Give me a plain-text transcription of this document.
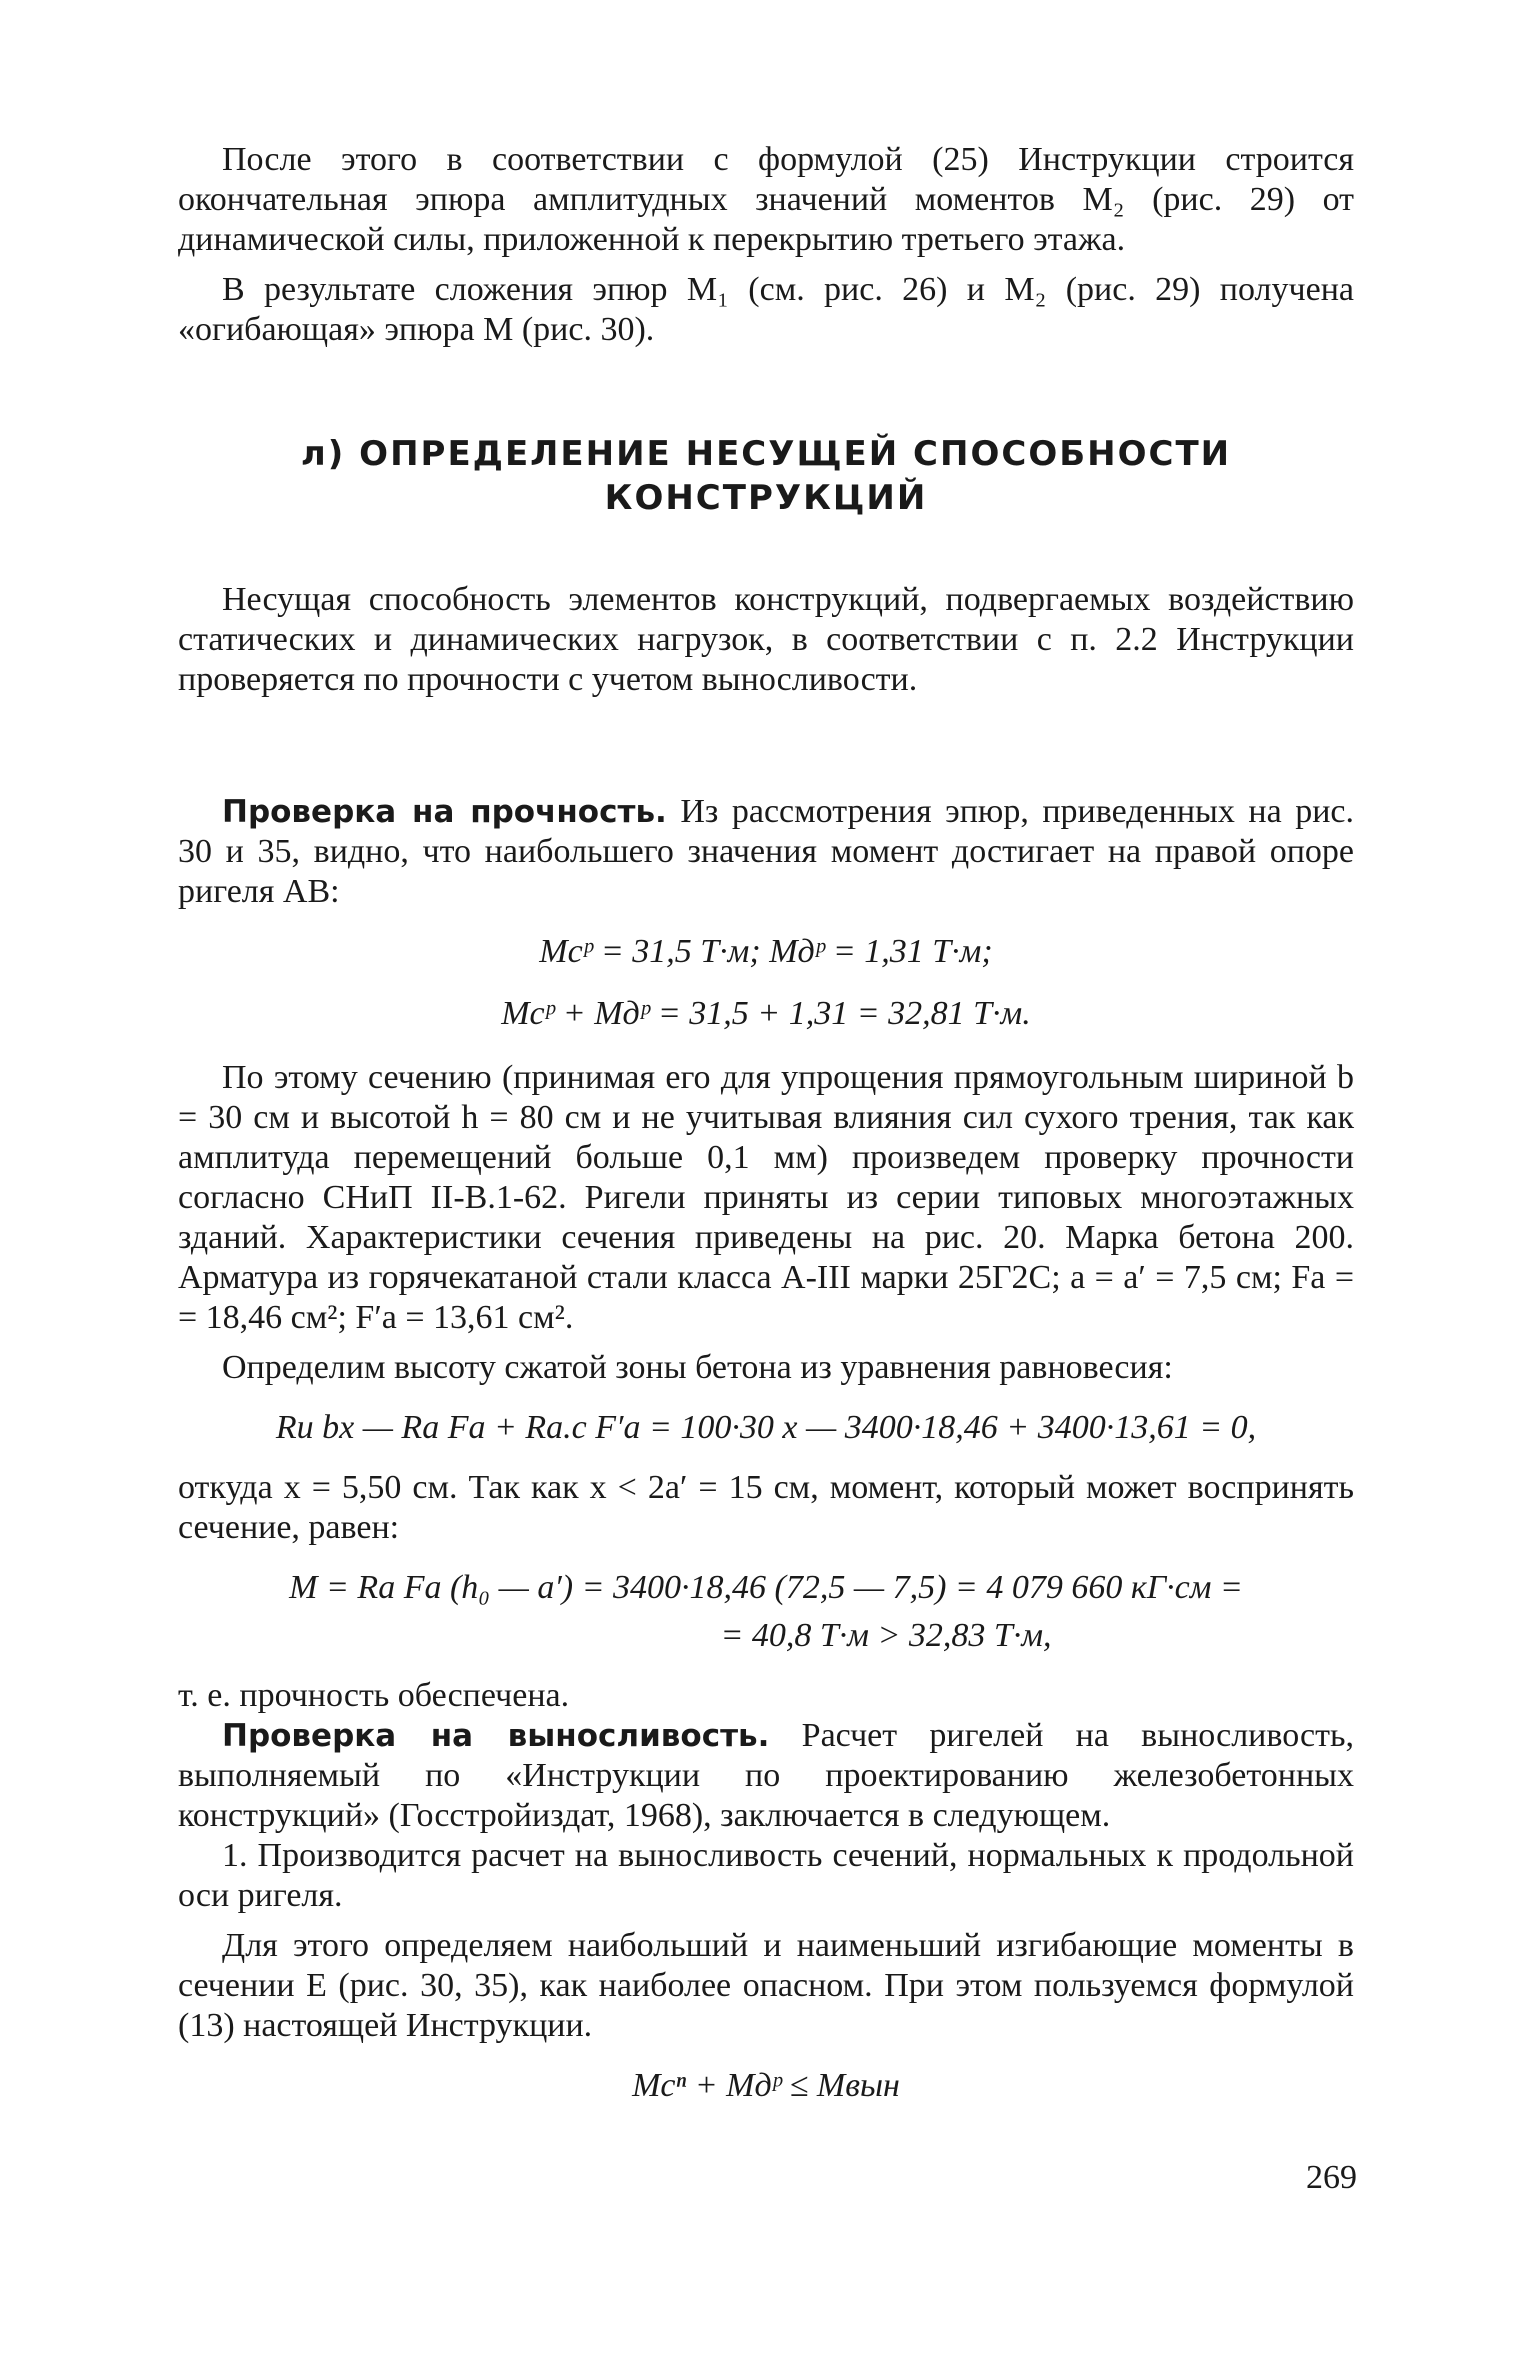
После этого в соответствии с формулой (25) Инструкции строится окончательная эпюра амплитудных значений моментов M₂ (рис. 29) от динамической силы, приложенной к перекрытию третьего этажа.

В результате сложения эпюр M₁ (см. рис. 26) и M₂ (рис. 29) получена «огибающая» эпюра M (рис. 30).

л) ОПРЕДЕЛЕНИЕ НЕСУЩЕЙ СПОСОБНОСТИ
КОНСТРУКЦИЙ

Несущая способность элементов конструкций, подвергаемых воздействию статических и динамических нагрузок, в соответствии с п. 2.2 Инструкции проверяется по прочности с учетом выносливости.

Проверка на прочность. Из рассмотрения эпюр, приведенных на рис. 30 и 35, видно, что наибольшего значения момент достигает на правой опоре ригеля AB:

Mсᵖ = 31,5 Т·м; Mдᵖ = 1,31 Т·м;
Mсᵖ + Mдᵖ = 31,5 + 1,31 = 32,81 Т·м.

По этому сечению (принимая его для упрощения прямоугольным шириной b = 30 см и высотой h = 80 см и не учитывая влияния сил сухого трения, так как амплитуда перемещений больше 0,1 мм) произведем проверку прочности согласно СНиП II-В.1-62. Ригели приняты из серии типовых многоэтажных зданий. Характеристики сечения приведены на рис. 20. Марка бетона 200. Арматура из горячекатаной стали класса А-III марки 25Г2С; a = a′ = 7,5 см; Fа = = 18,46 см²; F′а = 13,61 см².

Определим высоту сжатой зоны бетона из уравнения равновесия:

Rи bx — Rа Fа + Rа.с F′а = 100·30 x — 3400·18,46 + 3400·13,61 = 0,

откуда x = 5,50 см. Так как x < 2a′ = 15 см, момент, который может воспринять сечение, равен:

M = Rа Fа (h₀ — a′) = 3400·18,46 (72,5 — 7,5) = 4 079 660 кГ·см =
= 40,8 Т·м > 32,83 Т·м,

т. е. прочность обеспечена.

Проверка на выносливость. Расчет ригелей на выносливость, выполняемый по «Инструкции по проектированию железобетонных конструкций» (Госстройиздат, 1968), заключается в следующем.

1. Производится расчет на выносливость сечений, нормальных к продольной оси ригеля.

Для этого определяем наибольший и наименьший изгибающие моменты в сечении E (рис. 30, 35), как наиболее опасном. При этом пользуемся формулой (13) настоящей Инструкции.

Mсⁿ + Mдᵖ ≤ Mвын
269
